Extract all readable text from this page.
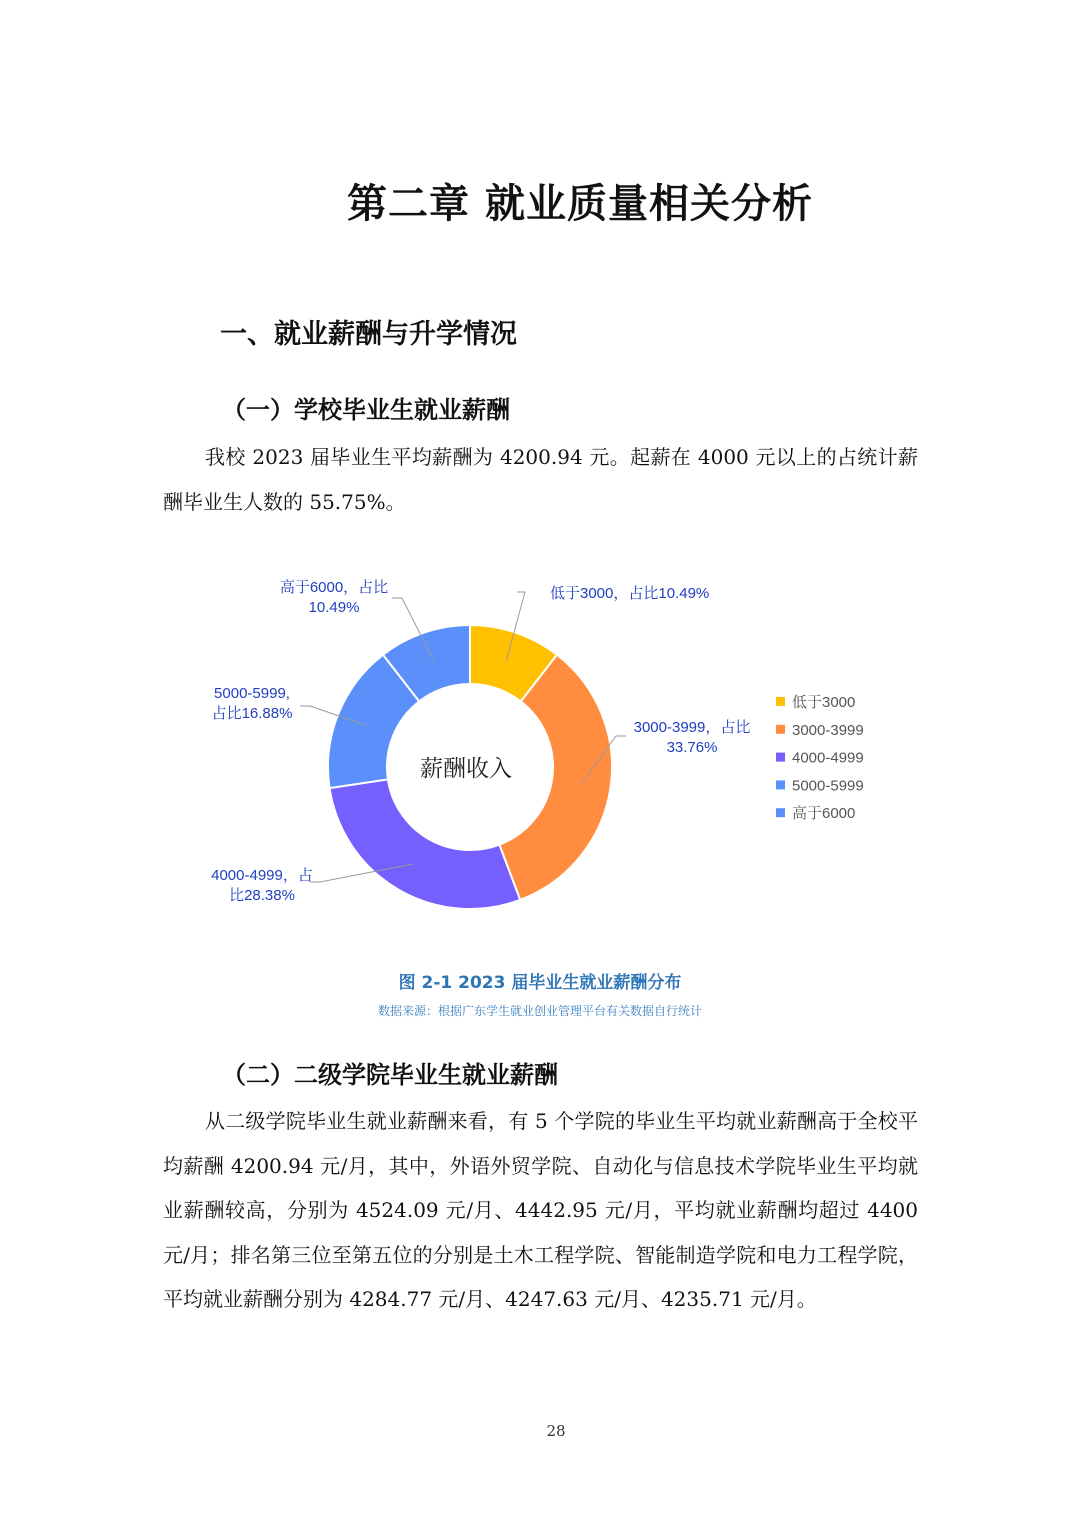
第二章 就业质量相关分析
一、就业薪酬与升学情况
（一）学校毕业生就业薪酬

我校 2023 届毕业生平均薪酬为 4200.94 元。起薪在 4000 元以上的占统计薪酬毕业生人数的 55.75%。

低于3000，占比10.49%
3000-3999，占比 33.76%
4000-4999，占比28.38%
5000-5999,占比16.88%
高于6000，占比 10.49%
薪酬收入
低于3000
3000-3999
4000-4999
5000-5999
高于6000

图 2-1 2023 届毕业生就业薪酬分布

数据来源：根据广东学生就业创业管理平台有关数据自行统计

（二）二级学院毕业生就业薪酬

从二级学院毕业生就业薪酬来看，有 5 个学院的毕业生平均就业薪酬高于全校平均薪酬 4200.94 元/月，其中，外语外贸学院、自动化与信息技术学院毕业生平均就业薪酬较高，分别为 4524.09 元/月、4442.95 元/月，平均就业薪酬均超过 4400 元/月；排名第三位至第五位的分别是土木工程学院、智能制造学院和电力工程学院，平均就业薪酬分别为 4284.77 元/月、4247.63 元/月、4235.71 元/月。

28
